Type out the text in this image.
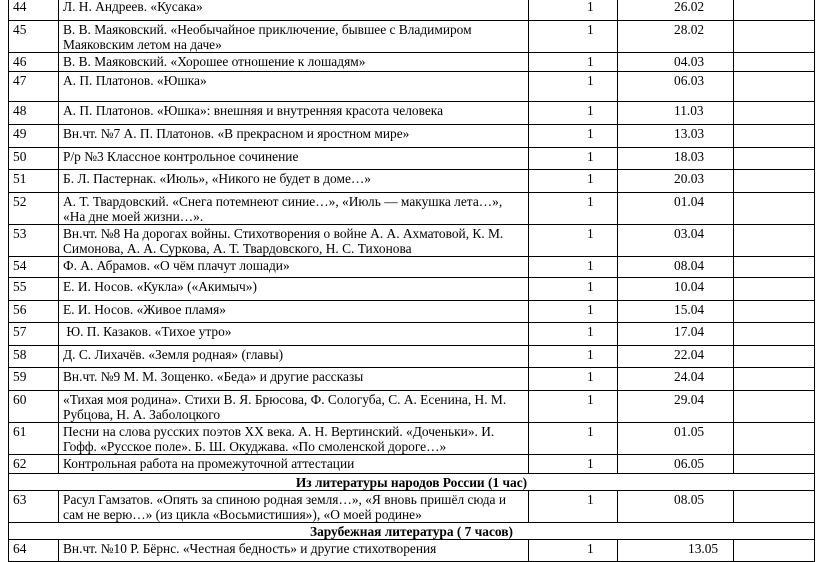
44	Л. Н. Андреев. «Кусака»	1	26.02	

45	В. В. Маяковский. «Необычайное приключение, бывшее с Владимиром Маяковским летом на даче»	1	28.02	

46	В. В. Маяковский. «Хорошее отношение к лошадям»	1	04.03	

47	А. П. Платонов. «Юшка»	1	06.03	

48	А. П. Платонов. «Юшка»: внешняя и внутренняя красота человека	1	11.03	

49	Вн.чт. №7 А. П. Платонов. «В прекрасном и яростном мире»	1	13.03	

50	Р/р №3 Классное контрольное сочинение	1	18.03	

51	Б. Л. Пастернак. «Июль», «Никого не будет в доме…»	1	20.03	

52	А. Т. Твардовский. «Снега потемнеют синие…», «Июль — макушка лета…», «На дне моей жизни…».	1	01.04	

53	Вн.чт. №8 На дорогах войны. Стихотворения о войне А. А. Ахматовой, К. М. Симонова, А. А. Суркова, А. Т. Твардовского, Н. С. Тихонова	1	03.04	

54	Ф. А. Абрамов. «О чём плачут лошади»	1	08.04	

55	Е. И. Носов. «Кукла» («Акимыч»)	1	10.04	

56	Е. И. Носов. «Живое пламя»	1	15.04	

57	Ю. П. Казаков. «Тихое утро»	1	17.04	

58	Д. С. Лихачёв. «Земля родная» (главы)	1	22.04	

59	Вн.чт. №9 М. М. Зощенко. «Беда» и другие рассказы	1	24.04	

60	«Тихая моя родина». Стихи В. Я. Брюсова, Ф. Сологуба, С. А. Есенина, Н. М. Рубцова, Н. А. Заболоцкого	1	29.04	

61	Песни на слова русских поэтов XX века. А. Н. Вертинский. «Доченьки». И. Гофф. «Русское поле». Б. Ш. Окуджава. «По смоленской дороге…»	1	01.05	

62	Контрольная работа на промежуточной аттестации	1	06.05	

Из литературы народов России (1 час)				
63	Расул Гамзатов. «Опять за спиною родная земля…», «Я вновь пришёл сюда и сам не верю…» (из цикла «Восьмистишия»), «О моей родине»	1	08.05	

Зарубежная литература ( 7 часов)				
64	Вн.чт. №10 Р. Бёрнс. «Честная бедность» и другие стихотворения	1	13.05	
